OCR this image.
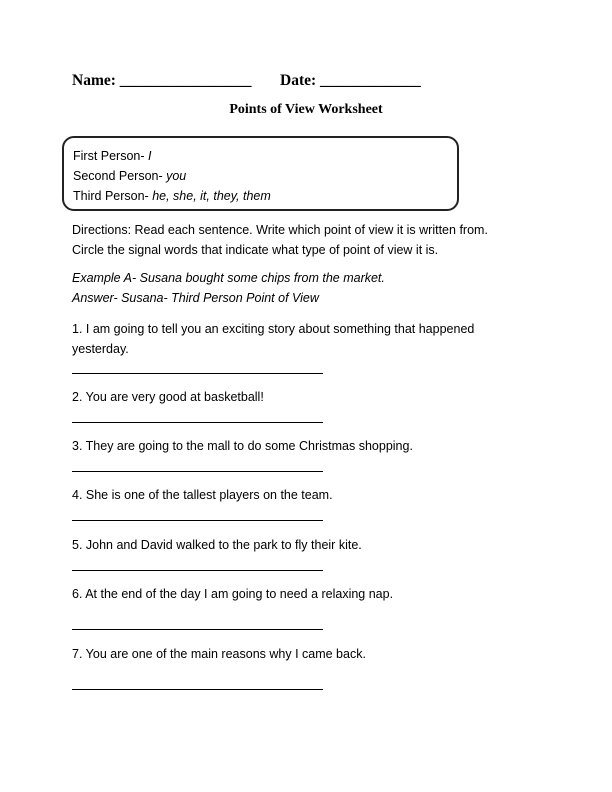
Name: _________________ Date: _____________
Points of View Worksheet
First Person- I
Second Person- you
Third Person- he, she, it, they, them
Directions: Read each sentence. Write which point of view it is written from.
Circle the signal words that indicate what type of point of view it is.
Example A- Susana bought some chips from the market.
Answer- Susana- Third Person Point of View
1. I am going to tell you an exciting story about something that happened yesterday.
2. You are very good at basketball!
3. They are going to the mall to do some Christmas shopping.
4. She is one of the tallest players on the team.
5. John and David walked to the park to fly their kite.
6. At the end of the day I am going to need a relaxing nap.
7. You are one of the main reasons why I came back.
